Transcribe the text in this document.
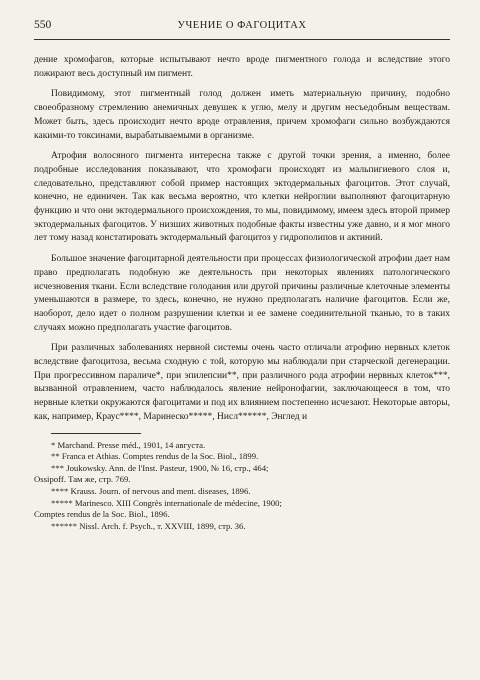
550	УЧЕНИЕ О ФАГОЦИТАХ

дение хромофагов, которые испытывают нечто вроде пигментного голода и вследствие этого пожирают весь доступный им пигмент.

Повидимому, этот пигментный голод должен иметь материальную причину, подобно своеобразному стремлению анемичных девушек к углю, мелу и другим несъедобным веществам. Может быть, здесь происходит нечто вроде отравления, причем хромофаги сильно возбуждаются какими-то токсинами, вырабатываемыми в организме.

Атрофия волосяного пигмента интересна также с другой точки зрения, а именно, более подробные исследования показывают, что хромофаги происходят из мальпигиевого слоя и, следовательно, представляют собой пример настоящих эктодермальных фагоцитов. Этот случай, конечно, не единичен. Так как весьма вероятно, что клетки нейроглии выполняют фагоцитарную функцию и что они эктодермального происхождения, то мы, повидимому, имеем здесь второй пример эктодермальных фагоцитов. У низших животных подобные факты известны уже давно, и я мог много лет тому назад констатировать эктодермальный фагоцитоз у гидрополипов и актиний.

Большое значение фагоцитарной деятельности при процессах физиологической атрофии дает нам право предполагать подобную же деятельность при некоторых явлениях патологического исчезновения ткани. Если вследствие голодания или другой причины различные клеточные элементы уменьшаются в размере, то здесь, конечно, не нужно предполагать наличие фагоцитов. Если же, наоборот, дело идет о полном разрушении клетки и ее замене соединительной тканью, то в таких случаях можно предполагать участие фагоцитов.

При различных заболеваниях нервной системы очень часто отличали атрофию нервных клеток вследствие фагоцитоза, весьма сходную с той, которую мы наблюдали при старческой дегенерации. При прогрессивном параличе*, при эпилепсии**, при различного рода атрофии нервных клеток***, вызванной отравлением, часто наблюдалось явление нейронофагии, заключающееся в том, что нервные клетки окружаются фагоцитами и под их влиянием постепенно исчезают. Некоторые авторы, как, например, Краус****, Маринеско*****, Нисл******, Энглед и

* Marchand. Presse méd., 1901, 14 августа.

** Franca et Athias. Comptes rendus de la Soc. Biol., 1899.

*** Joukowsky. Ann. de l'Inst. Pasteur, 1900, № 16, стр., 464;

Ossipoff. Там же, стр. 769.

**** Krauss. Journ. of nervous and ment. diseases, 1896.

***** Marinesco. XIII Congrès internationale de médecine, 1900;

Comptes rendus de la Soc. Biol., 1896.

****** Nissl. Arch. f. Psych., т. XXVIII, 1899, стр. 36.
